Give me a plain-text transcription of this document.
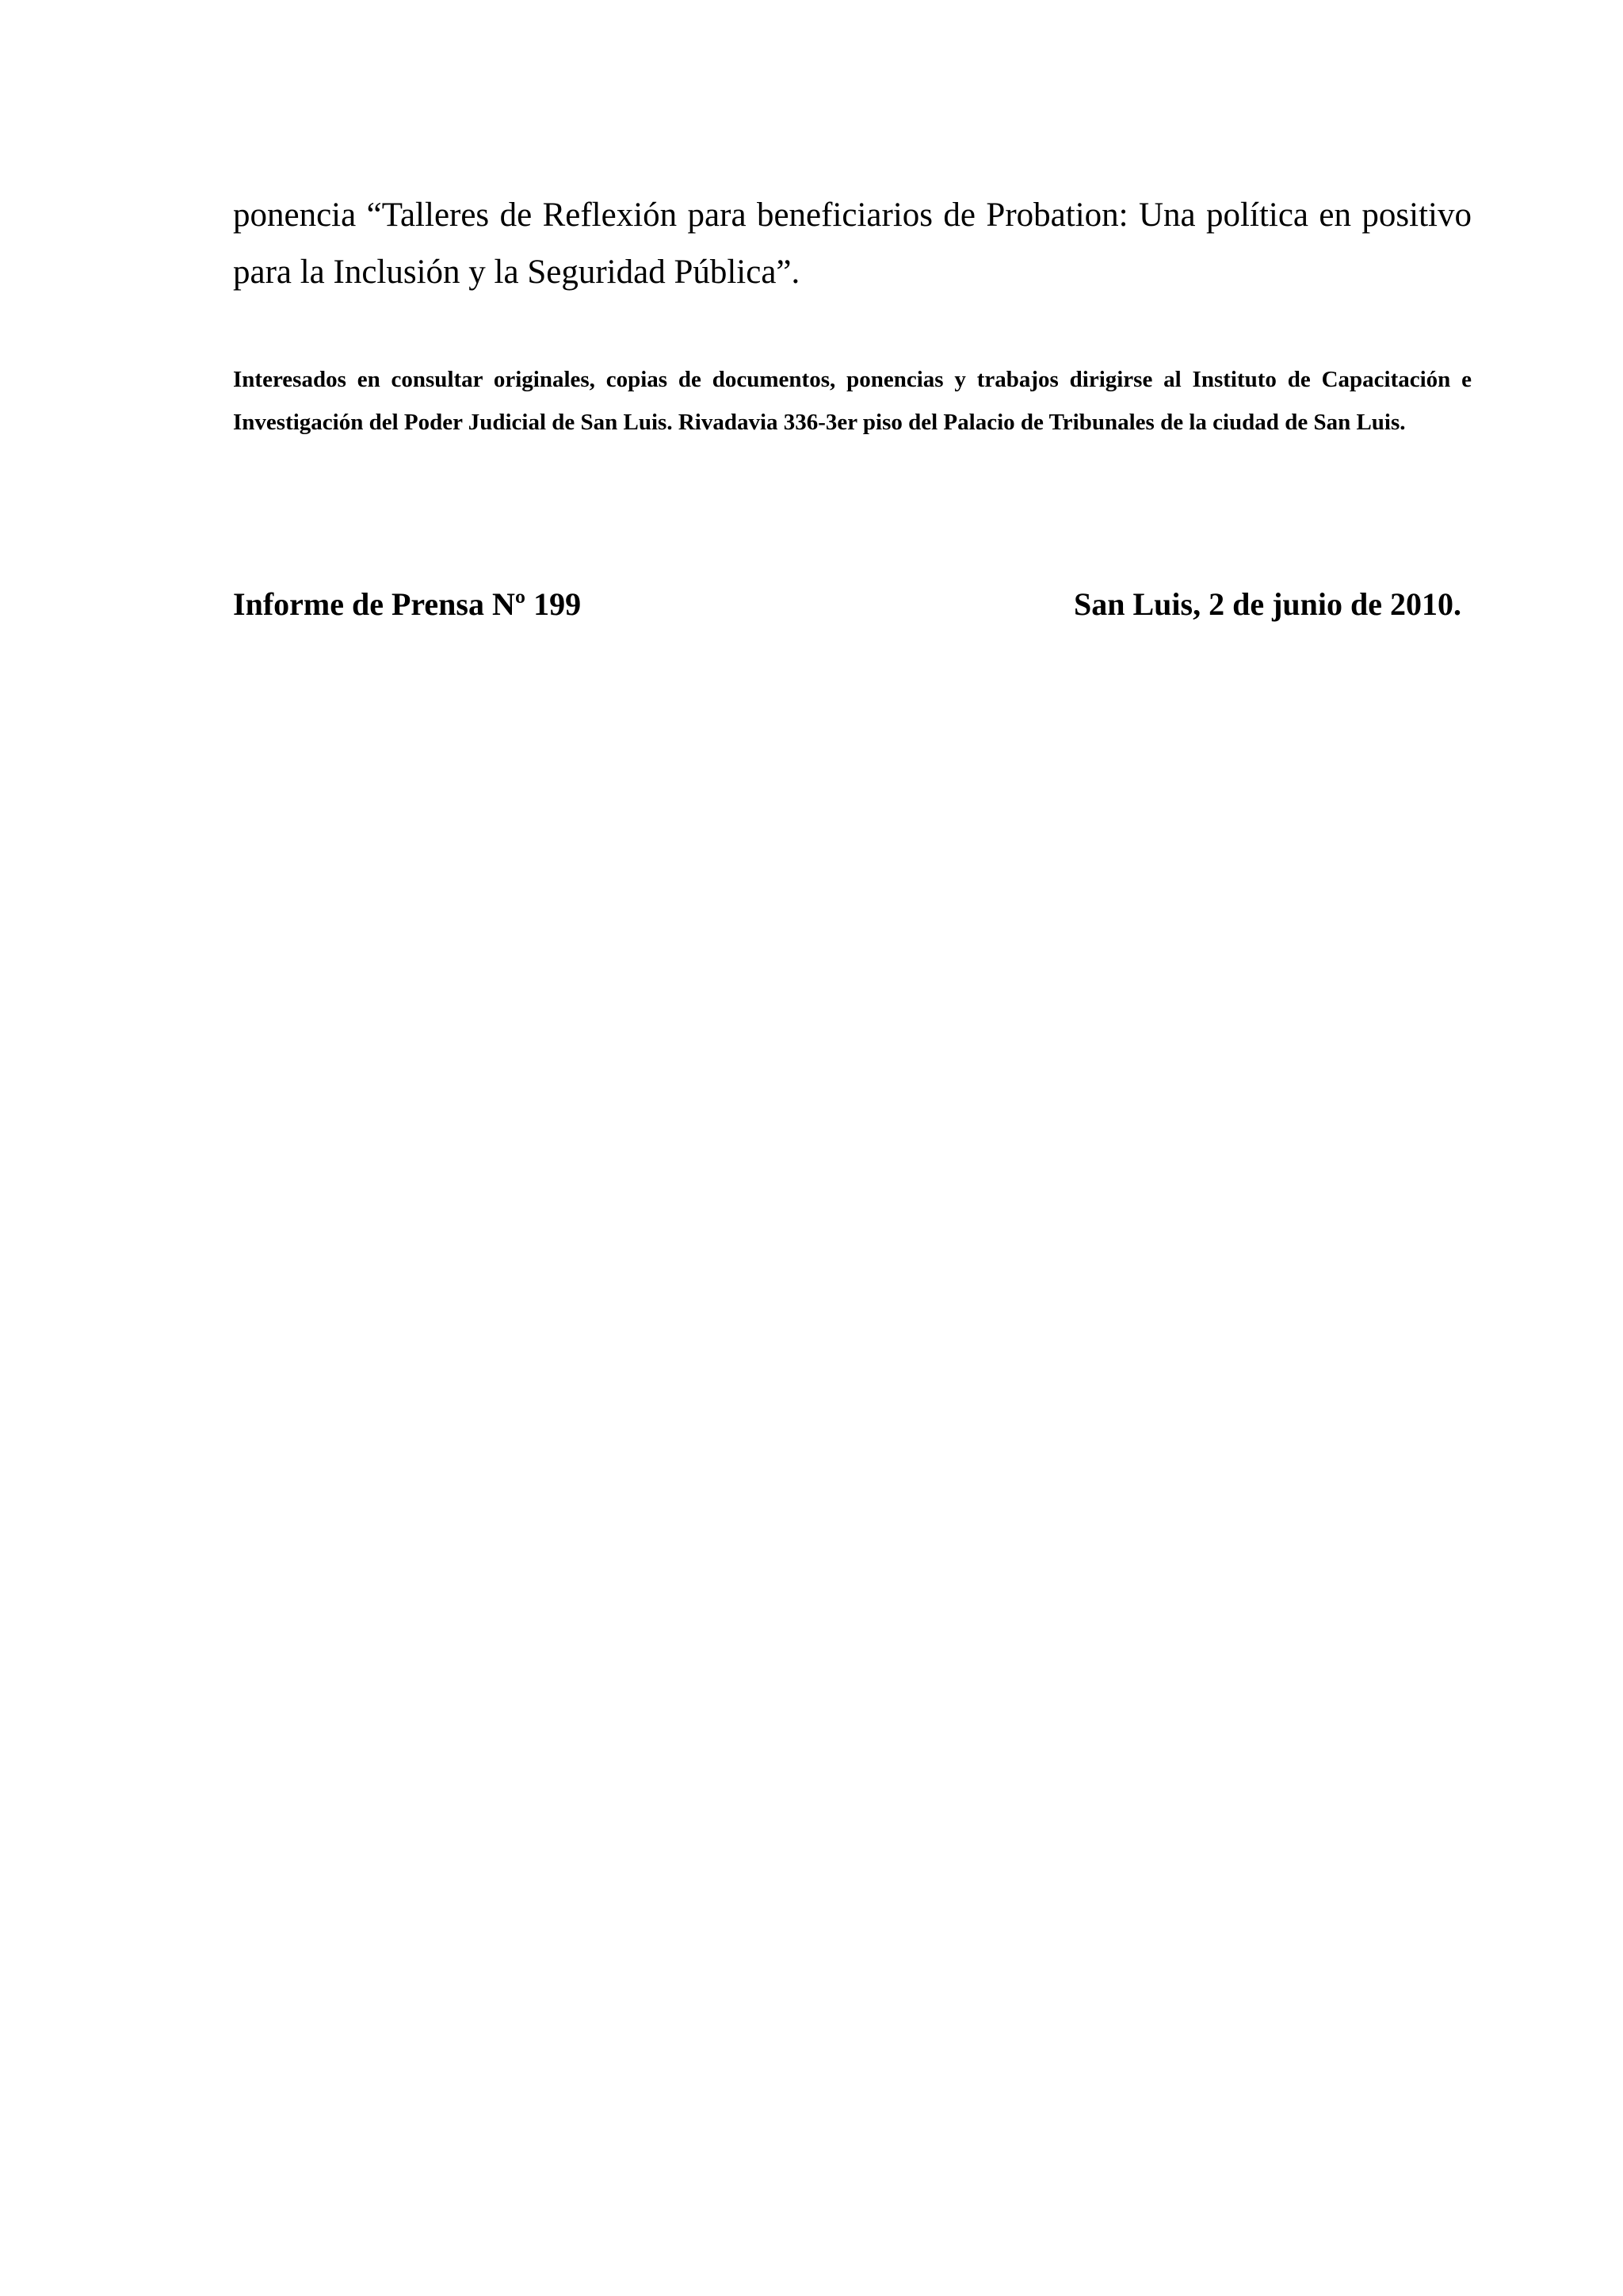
ponencia “Talleres de Reflexión para beneficiarios de Probation: Una política en positivo para la Inclusión y la Seguridad Pública”.

Interesados en consultar originales, copias de documentos, ponencias y trabajos dirigirse al Instituto de Capacitación e Investigación del Poder Judicial de San Luis. Rivadavia 336-3er piso del Palacio de Tribunales de la ciudad de San Luis.

Informe de Prensa Nº 199	San Luis, 2 de junio de 2010.
